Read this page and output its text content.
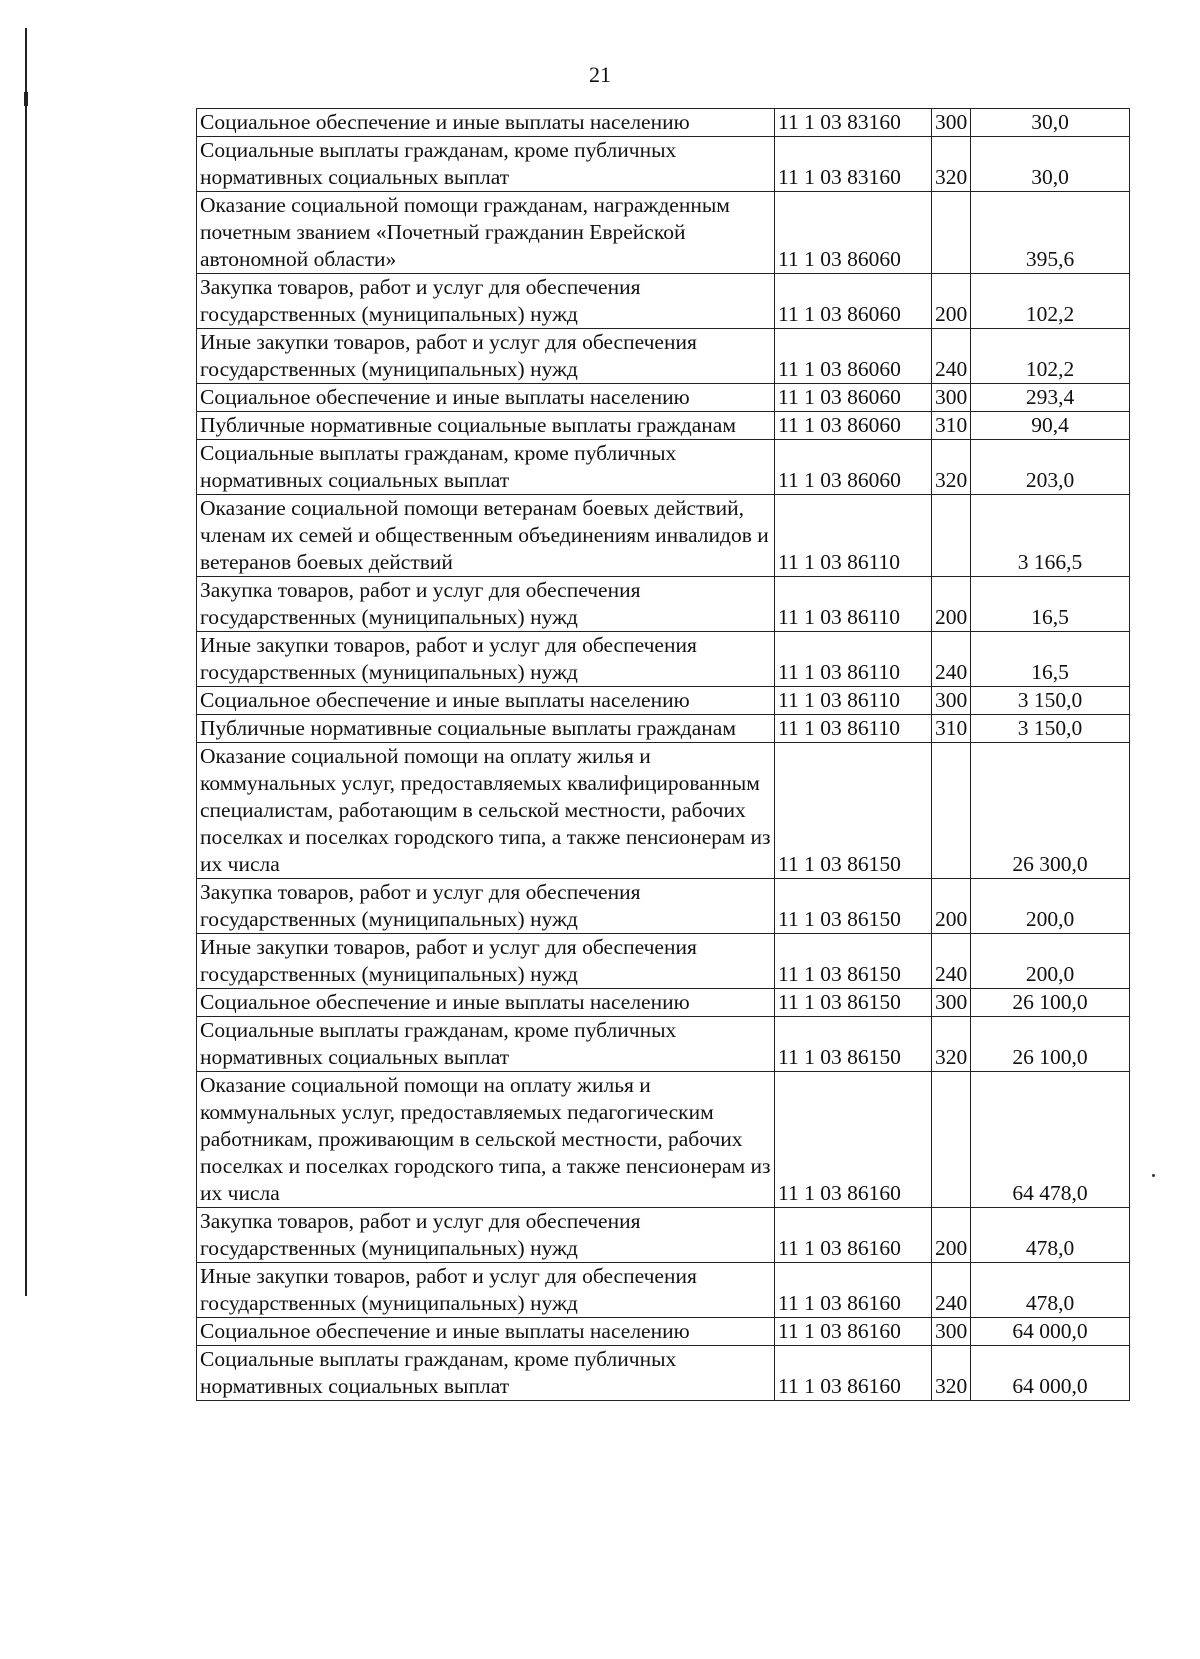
21
Социальное обеспечение и иные выплаты населению	11 1 03 83160	300	30,0
Социальные выплаты гражданам, кроме публичных нормативных социальных выплат	11 1 03 83160	320	30,0
Оказание социальной помощи гражданам, награжденным почетным званием «Почетный гражданин Еврейской автономной области»	11 1 03 86060		395,6
Закупка товаров, работ и услуг для обеспечения государственных (муниципальных) нужд	11 1 03 86060	200	102,2
Иные закупки товаров, работ и услуг для обеспечения государственных (муниципальных) нужд	11 1 03 86060	240	102,2
Социальное обеспечение и иные выплаты населению	11 1 03 86060	300	293,4
Публичные нормативные социальные выплаты гражданам	11 1 03 86060	310	90,4
Социальные выплаты гражданам, кроме публичных нормативных социальных выплат	11 1 03 86060	320	203,0
Оказание социальной помощи ветеранам боевых действий, членам их семей и общественным объединениям инвалидов и ветеранов боевых действий	11 1 03 86110		3 166,5
Закупка товаров, работ и услуг для обеспечения государственных (муниципальных) нужд	11 1 03 86110	200	16,5
Иные закупки товаров, работ и услуг для обеспечения государственных (муниципальных) нужд	11 1 03 86110	240	16,5
Социальное обеспечение и иные выплаты населению	11 1 03 86110	300	3 150,0
Публичные нормативные социальные выплаты гражданам	11 1 03 86110	310	3 150,0
Оказание социальной помощи на оплату жилья и коммунальных услуг, предоставляемых квалифицированным специалистам, работающим в сельской местности, рабочих поселках и поселках городского типа, а также пенсионерам из их числа	11 1 03 86150		26 300,0
Закупка товаров, работ и услуг для обеспечения государственных (муниципальных) нужд	11 1 03 86150	200	200,0
Иные закупки товаров, работ и услуг для обеспечения государственных (муниципальных) нужд	11 1 03 86150	240	200,0
Социальное обеспечение и иные выплаты населению	11 1 03 86150	300	26 100,0
Социальные выплаты гражданам, кроме публичных нормативных социальных выплат	11 1 03 86150	320	26 100,0
Оказание социальной помощи на оплату жилья и коммунальных услуг, предоставляемых педагогическим работникам, проживающим в сельской местности, рабочих поселках и поселках городского типа, а также пенсионерам из их числа	11 1 03 86160		64 478,0
Закупка товаров, работ и услуг для обеспечения государственных (муниципальных) нужд	11 1 03 86160	200	478,0
Иные закупки товаров, работ и услуг для обеспечения государственных (муниципальных) нужд	11 1 03 86160	240	478,0
Социальное обеспечение и иные выплаты населению	11 1 03 86160	300	64 000,0
Социальные выплаты гражданам, кроме публичных нормативных социальных выплат	11 1 03 86160	320	64 000,0
